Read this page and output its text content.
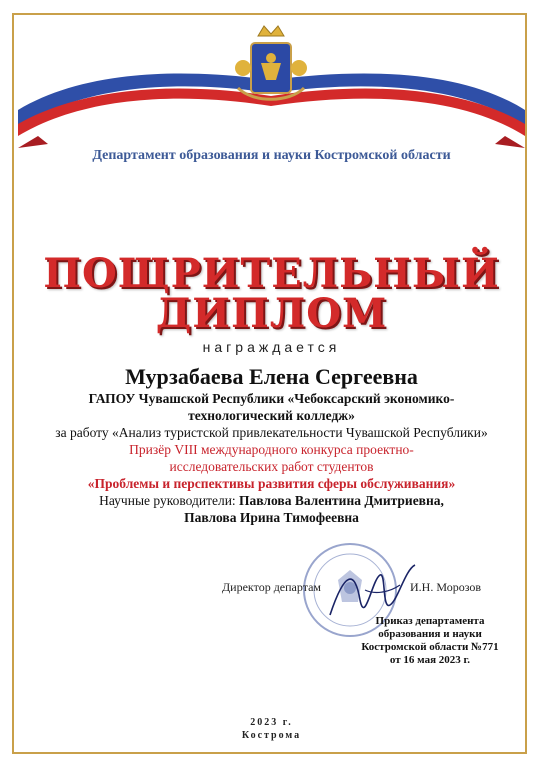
Департамент образования и науки Костромской области
ПОЩРИТЕЛЬНЫЙ
ДИПЛОМ
награждается
Мурзабаева Елена Сергеевна
ГАПОУ Чувашской Республики «Чебоксарский экономико-
технологический колледж»
за работу «Анализ туристской привлекательности Чувашской Республики»
Призёр VIII международного конкурса проектно-
исследовательских работ студентов
«Проблемы и перспективы развития сферы обслуживания»
Научные руководители: Павлова Валентина Дмитриевна,
Павлова Ирина Тимофеевна
Директор департам	И.Н. Морозов
Приказ департамента
образования и науки
Костромской области №771
от 16 мая 2023 г.
2023 г.
Кострома
